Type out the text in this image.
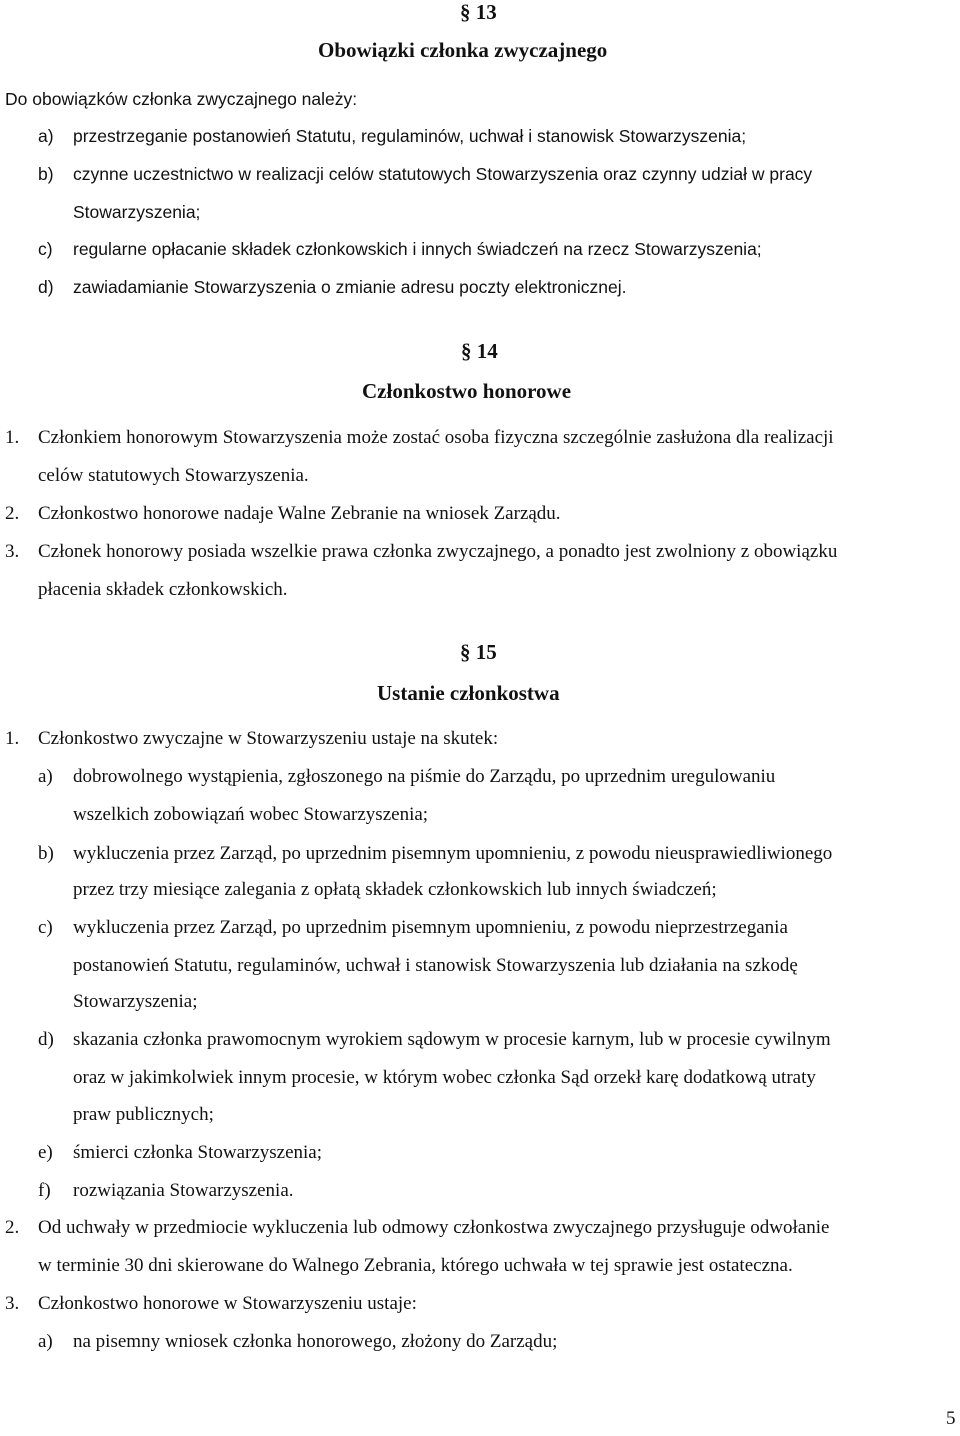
§ 13
Obowiązki członka zwyczajnego
Do obowiązków członka zwyczajnego należy:
a) przestrzeganie postanowień Statutu, regulaminów, uchwał i stanowisk Stowarzyszenia;
b) czynne uczestnictwo w realizacji celów statutowych Stowarzyszenia oraz czynny udział w pracy
Stowarzyszenia;
c) regularne opłacanie składek członkowskich i innych świadczeń na rzecz Stowarzyszenia;
d) zawiadamianie Stowarzyszenia o zmianie adresu poczty elektronicznej.
§ 14
Członkostwo honorowe
1. Członkiem honorowym Stowarzyszenia może zostać osoba fizyczna szczególnie zasłużona dla realizacji
celów statutowych Stowarzyszenia.
2. Członkostwo honorowe nadaje Walne Zebranie na wniosek Zarządu.
3. Członek honorowy posiada wszelkie prawa członka zwyczajnego, a ponadto jest zwolniony z obowiązku
płacenia składek członkowskich.
§ 15
Ustanie członkostwa
1. Członkostwo zwyczajne w Stowarzyszeniu ustaje na skutek:
a) dobrowolnego wystąpienia, zgłoszonego na piśmie do Zarządu, po uprzednim uregulowaniu
wszelkich zobowiązań wobec Stowarzyszenia;
b) wykluczenia przez Zarząd, po uprzednim pisemnym upomnieniu, z powodu nieusprawiedliwionego
przez trzy miesiące zalegania z opłatą składek członkowskich lub innych świadczeń;
c) wykluczenia przez Zarząd, po uprzednim pisemnym upomnieniu, z powodu nieprzestrzegania
postanowień Statutu, regulaminów, uchwał i stanowisk Stowarzyszenia lub działania na szkodę
Stowarzyszenia;
d) skazania członka prawomocnym wyrokiem sądowym w procesie karnym, lub w procesie cywilnym
oraz w jakimkolwiek innym procesie, w którym wobec członka Sąd orzekł karę dodatkową utraty
praw publicznych;
e) śmierci członka Stowarzyszenia;
f) rozwiązania Stowarzyszenia.
2. Od uchwały w przedmiocie wykluczenia lub odmowy członkostwa zwyczajnego przysługuje odwołanie
w terminie 30 dni skierowane do Walnego Zebrania, którego uchwała w tej sprawie jest ostateczna.
3. Członkostwo honorowe w Stowarzyszeniu ustaje:
a) na pisemny wniosek członka honorowego, złożony do Zarządu;
5
